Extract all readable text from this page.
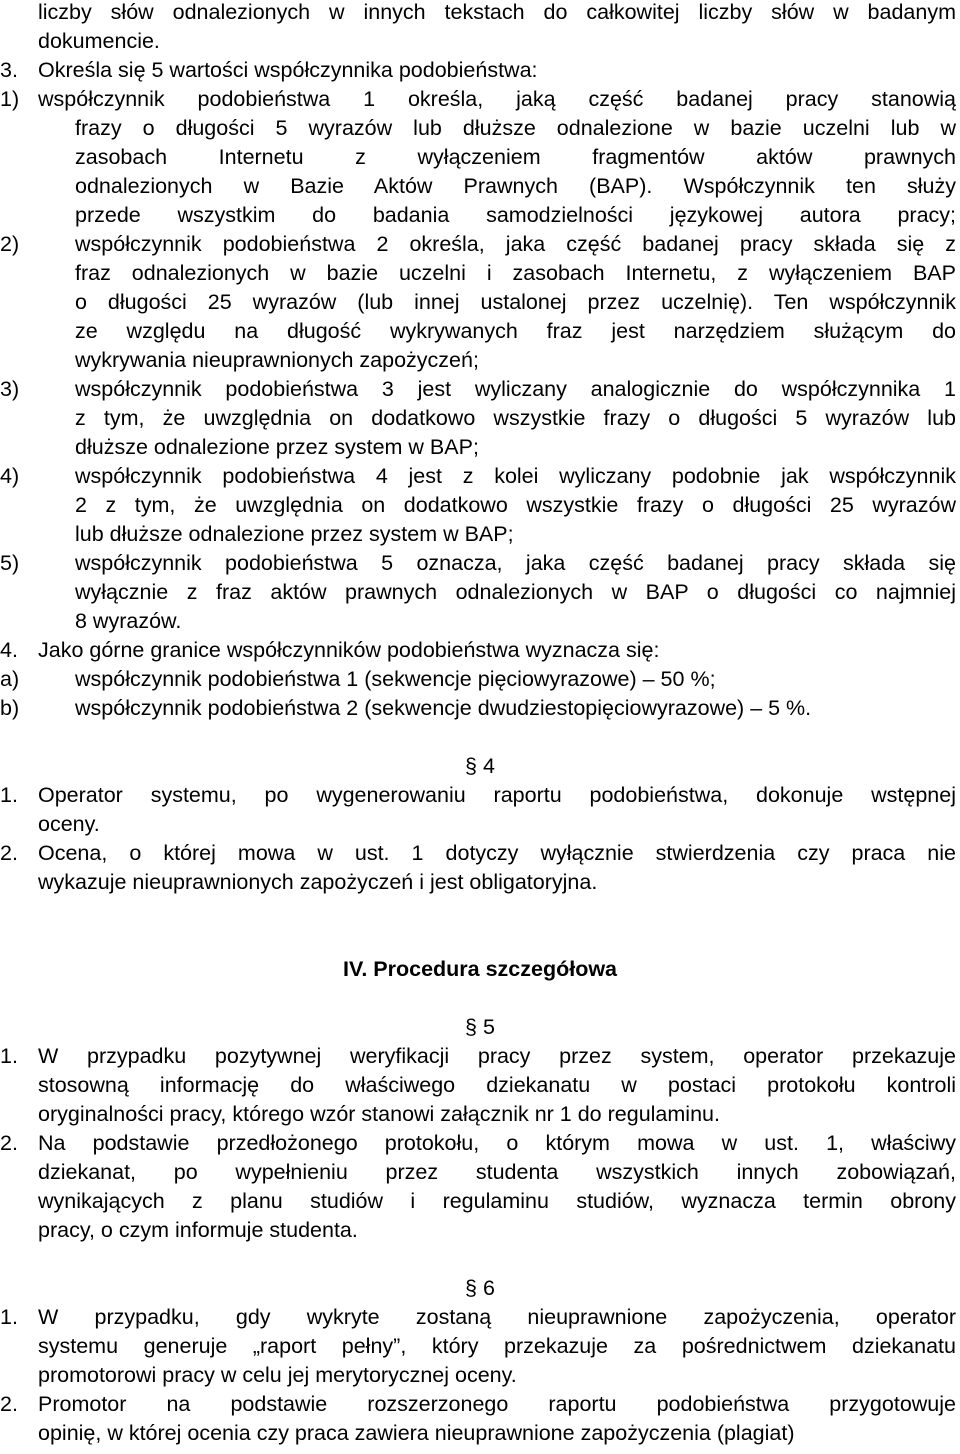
liczby słów odnalezionych w innych tekstach do całkowitej liczby słów w badanym
dokumencie.
3. Określa się 5 wartości współczynnika podobieństwa:
1) współczynnik podobieństwa 1 określa, jaką część badanej pracy stanowią
frazy o długości 5 wyrazów lub dłuższe odnalezione w bazie uczelni lub w
zasobach Internetu z wyłączeniem fragmentów aktów prawnych
odnalezionych w Bazie Aktów Prawnych (BAP). Współczynnik ten służy
przede wszystkim do badania samodzielności językowej autora pracy;
2)	współczynnik podobieństwa 2 określa, jaka część badanej pracy składa się z
fraz odnalezionych w bazie uczelni i zasobach Internetu, z wyłączeniem BAP
o długości 25 wyrazów (lub innej ustalonej przez uczelnię). Ten współczynnik
ze względu na długość wykrywanych fraz jest narzędziem służącym do
wykrywania nieuprawnionych zapożyczeń;
3)	współczynnik podobieństwa 3 jest wyliczany analogicznie do współczynnika 1
z tym, że uwzględnia on dodatkowo wszystkie frazy o długości 5 wyrazów lub
dłuższe odnalezione przez system w BAP;
4)	współczynnik podobieństwa 4 jest z kolei wyliczany podobnie jak współczynnik
2 z tym, że uwzględnia on dodatkowo wszystkie frazy o długości 25 wyrazów
lub dłuższe odnalezione przez system w BAP;
5)	współczynnik podobieństwa 5 oznacza, jaka część badanej pracy składa się
wyłącznie z fraz aktów prawnych odnalezionych w BAP o długości co najmniej
8 wyrazów.
4. Jako górne granice współczynników podobieństwa wyznacza się:
a)	współczynnik podobieństwa 1 (sekwencje pięciowyrazowe) – 50 %;
b)	współczynnik podobieństwa 2 (sekwencje dwudziestopięciowyrazowe) – 5 %.
§ 4
1. Operator systemu, po wygenerowaniu raportu podobieństwa, dokonuje wstępnej
oceny.
2. Ocena, o której mowa w ust. 1 dotyczy wyłącznie stwierdzenia czy praca nie
wykazuje nieuprawnionych zapożyczeń i jest obligatoryjna.
IV. Procedura szczegółowa
§ 5
1. W przypadku pozytywnej weryfikacji pracy przez system, operator przekazuje
stosowną informację do właściwego dziekanatu w postaci protokołu kontroli
oryginalności pracy, którego wzór stanowi załącznik nr 1 do regulaminu.
2. Na podstawie przedłożonego protokołu, o którym mowa w ust. 1, właściwy
dziekanat, po wypełnieniu przez studenta wszystkich innych zobowiązań,
wynikających z planu studiów i regulaminu studiów, wyznacza termin obrony
pracy, o czym informuje studenta.
§ 6
1. W przypadku, gdy wykryte zostaną nieuprawnione zapożyczenia, operator
systemu generuje „raport pełny”, który przekazuje za pośrednictwem dziekanatu
promotorowi pracy w celu jej merytorycznej oceny.
2. Promotor na podstawie rozszerzonego raportu podobieństwa przygotowuje
opinię, w której ocenia czy praca zawiera nieuprawnione zapożyczenia (plagiat)
